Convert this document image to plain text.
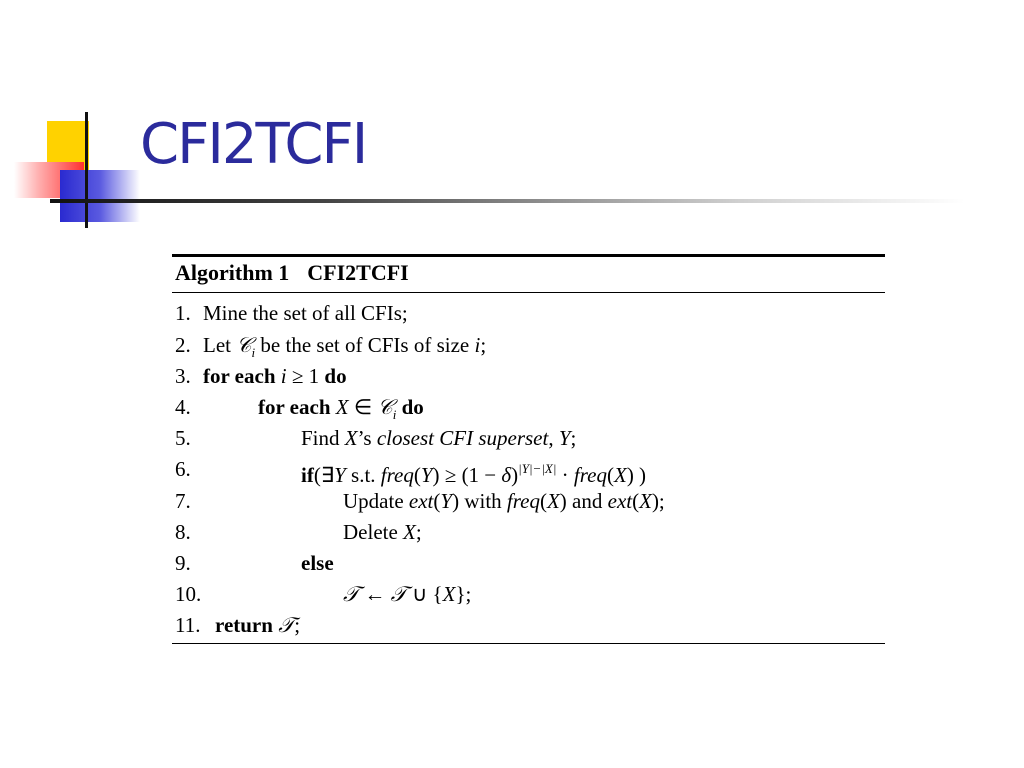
CFI2TCFI
Algorithm 1 CFI2TCFI
1. Mine the set of all CFIs;
2. Let 𝒞$_i$ be the set of CFIs of size i;
3. for each i ≥ 1 do
4.	for each X ∈ 𝒞$_i$ do
5.	Find X’s closest CFI superset, Y;
6.	if(∃Y s.t. freq(Y) ≥ $(1 - \delta)^{|Y|-|X|}$ · freq(X) )
7.	Update ext(Y) with freq(X) and ext(X);
8.	Delete X;
9.	else
10.	𝒯 ← 𝒯 ∪ {X};
11. return 𝒯;
